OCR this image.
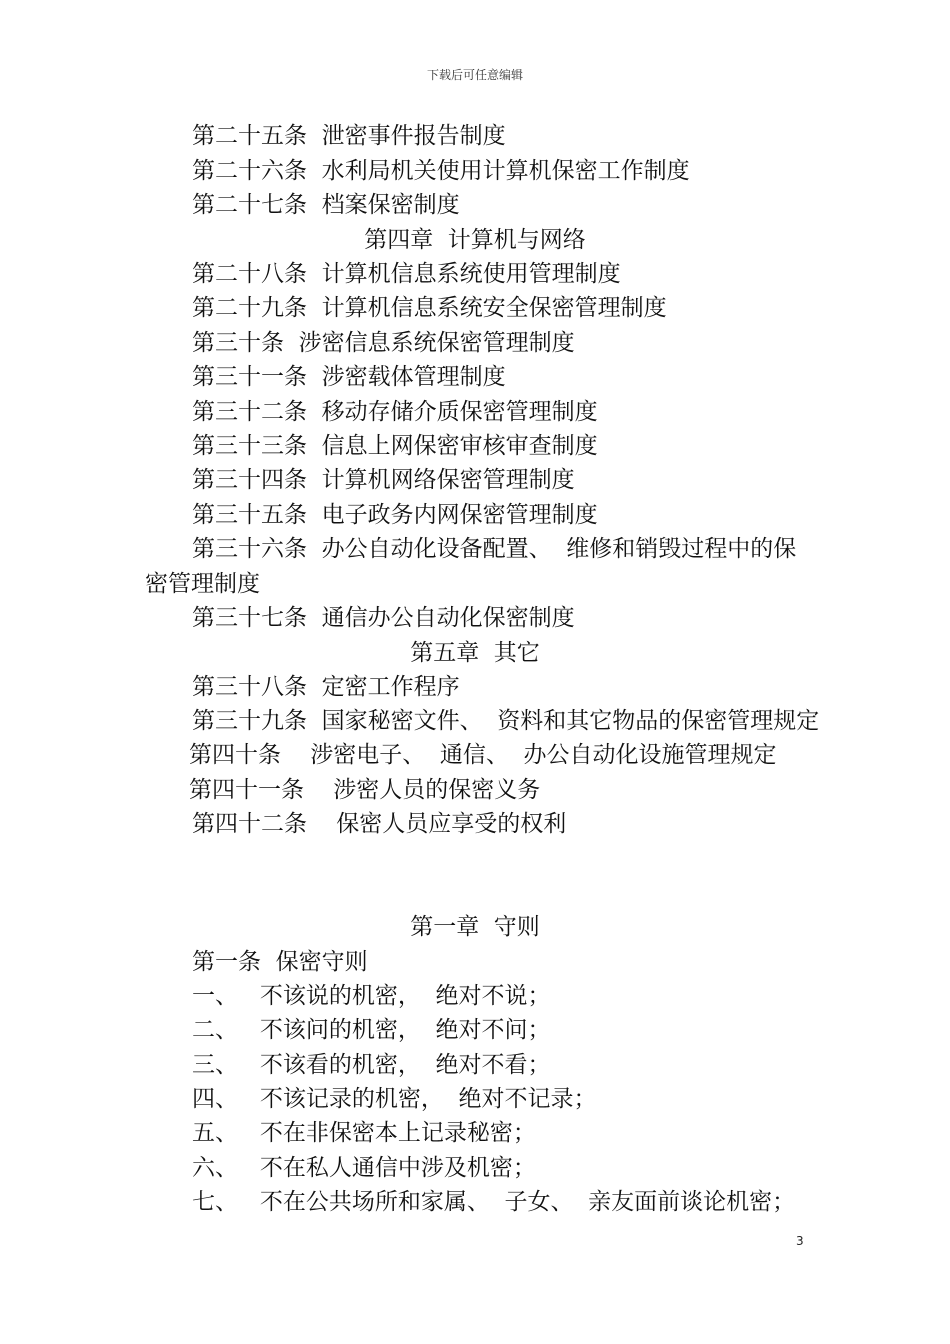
下载后可任意编辑
第二十五条  泄密事件报告制度
第二十六条  水利局机关使用计算机保密工作制度
第二十七条  档案保密制度
第四章  计算机与网络
第二十八条  计算机信息系统使用管理制度
第二十九条  计算机信息系统安全保密管理制度
第三十条  涉密信息系统保密管理制度
第三十一条  涉密载体管理制度
第三十二条  移动存储介质保密管理制度
第三十三条  信息上网保密审核审查制度
第三十四条  计算机网络保密管理制度
第三十五条  电子政务内网保密管理制度
第三十六条  办公自动化设备配置、  维修和销毁过程中的保
密管理制度
第三十七条  通信办公自动化保密制度
第五章  其它
第三十八条  定密工作程序
第三十九条  国家秘密文件、  资料和其它物品的保密管理规定
第四十条    涉密电子、  通信、  办公自动化设施管理规定
第四十一条    涉密人员的保密义务
第四十二条    保密人员应享受的权利
第一章  守则
第一条  保密守则
一、   不该说的机密，  绝对不说；
二、   不该问的机密，  绝对不问；
三、   不该看的机密，  绝对不看；
四、   不该记录的机密，  绝对不记录；
五、   不在非保密本上记录秘密；
六、   不在私人通信中涉及机密；
七、   不在公共场所和家属、  子女、  亲友面前谈论机密；
3
